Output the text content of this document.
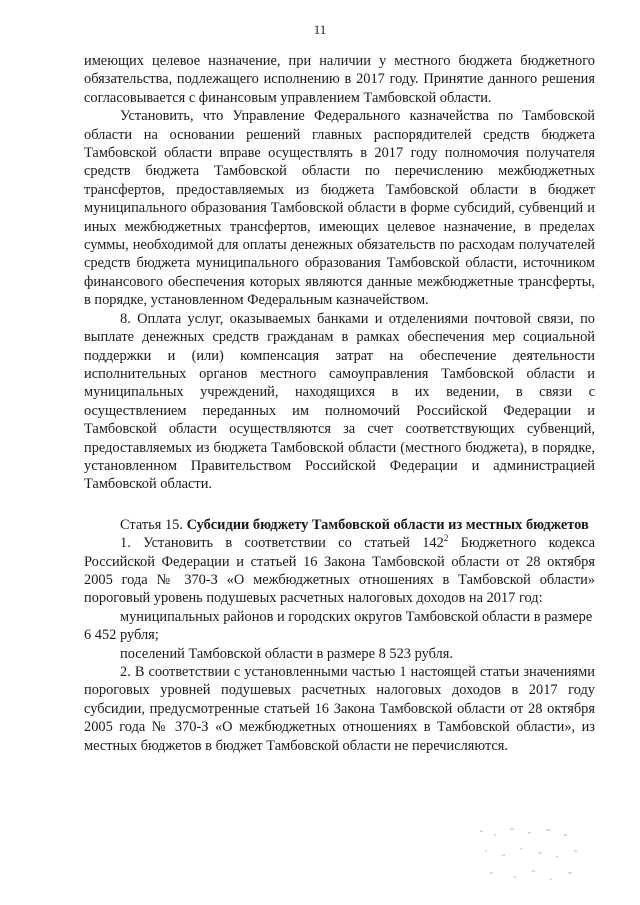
11

имеющих целевое назначение, при наличии у местного бюджета бюджетного обязательства, подлежащего исполнению в 2017 году. Принятие данного решения согласовывается с финансовым управлением Тамбовской области.

Установить, что Управление Федерального казначейства по Тамбовской области на основании решений главных распорядителей средств бюджета Тамбовской области вправе осуществлять в 2017 году полномочия получателя средств бюджета Тамбовской области по перечислению межбюджетных трансфертов, предоставляемых из бюджета Тамбовской области в бюджет муниципального образования Тамбовской области в форме субсидий, субвенций и иных межбюджетных трансфертов, имеющих целевое назначение, в пределах суммы, необходимой для оплаты денежных обязательств по расходам получателей средств бюджета муниципального образования Тамбовской области, источником финансового обеспечения которых являются данные межбюджетные трансферты, в порядке, установленном Федеральным казначейством.

8. Оплата услуг, оказываемых банками и отделениями почтовой связи, по выплате денежных средств гражданам в рамках обеспечения мер социальной поддержки и (или) компенсация затрат на обеспечение деятельности исполнительных органов местного самоуправления Тамбовской области и муниципальных учреждений, находящихся в их ведении, в связи с осуществлением переданных им полномочий Российской Федерации и Тамбовской области осуществляются за счет соответствующих субвенций, предоставляемых из бюджета Тамбовской области (местного бюджета), в порядке, установленном Правительством Российской Федерации и администрацией Тамбовской области.

Статья 15. Субсидии бюджету Тамбовской области из местных бюджетов

1. Установить в соответствии со статьей $142^2$ Бюджетного кодекса Российской Федерации и статьей 16 Закона Тамбовской области от 28 октября 2005 года № 370-З «О межбюджетных отношениях в Тамбовской области» пороговый уровень подушевых расчетных налоговых доходов на 2017 год:

муниципальных районов и городских округов Тамбовской области в размере 6 452 рубля;

поселений Тамбовской области в размере 8 523 рубля.

2. В соответствии с установленными частью 1 настоящей статьи значениями пороговых уровней подушевых расчетных налоговых доходов в 2017 году субсидии, предусмотренные статьей 16 Закона Тамбовской области от 28 октября 2005 года № 370-З «О межбюджетных отношениях в Тамбовской области», из местных бюджетов в бюджет Тамбовской области не перечисляются.
